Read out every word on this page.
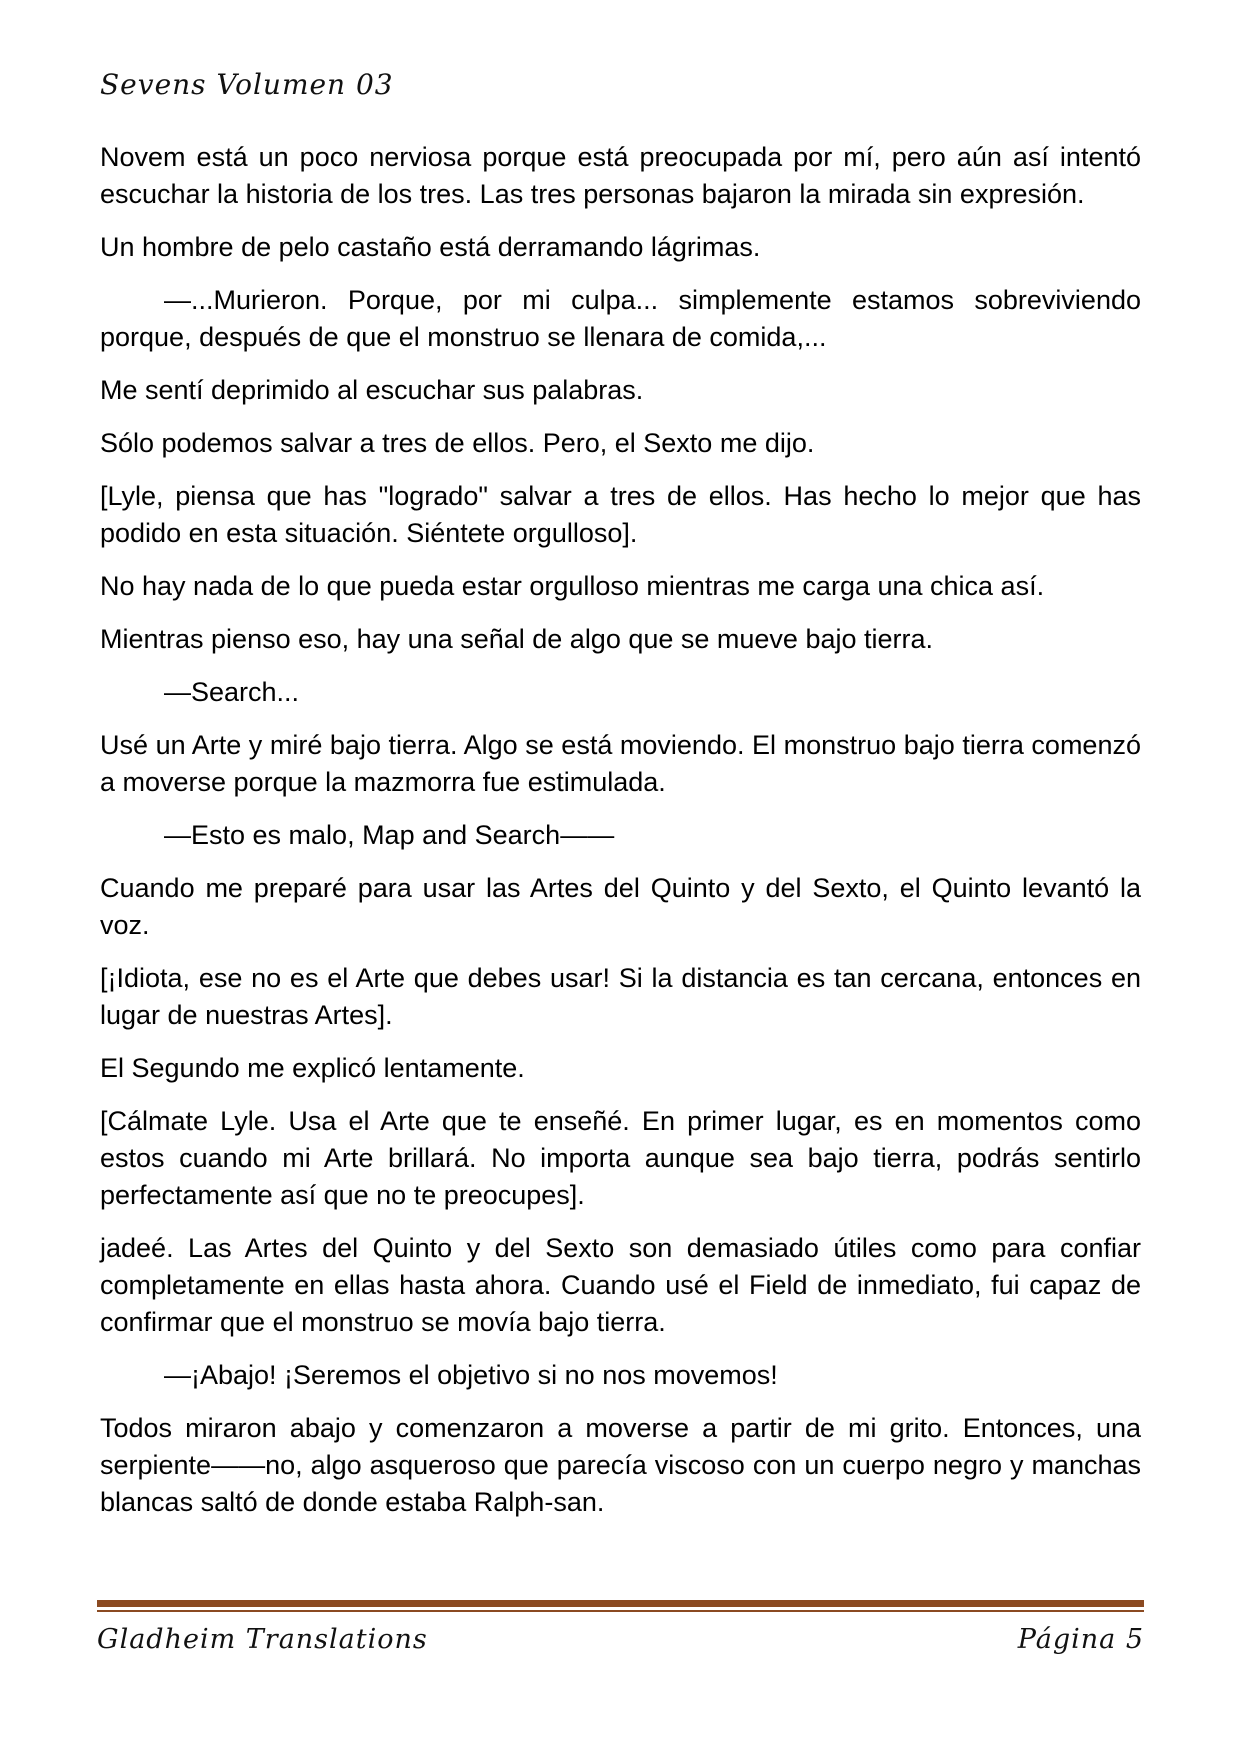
Sevens Volumen 03

Novem está un poco nerviosa porque está preocupada por mí, pero aún así intentó escuchar la historia de los tres. Las tres personas bajaron la mirada sin expresión.

Un hombre de pelo castaño está derramando lágrimas.

—...Murieron. Porque, por mi culpa... simplemente estamos sobreviviendo porque, después de que el monstruo se llenara de comida,...

Me sentí deprimido al escuchar sus palabras.

Sólo podemos salvar a tres de ellos. Pero, el Sexto me dijo.

[Lyle, piensa que has "logrado" salvar a tres de ellos. Has hecho lo mejor que has podido en esta situación. Siéntete orgulloso].

No hay nada de lo que pueda estar orgulloso mientras me carga una chica así.

Mientras pienso eso, hay una señal de algo que se mueve bajo tierra.

—Search...

Usé un Arte y miré bajo tierra. Algo se está moviendo. El monstruo bajo tierra comenzó a moverse porque la mazmorra fue estimulada.

—Esto es malo, Map and Search——

Cuando me preparé para usar las Artes del Quinto y del Sexto, el Quinto levantó la voz.

[¡Idiota, ese no es el Arte que debes usar! Si la distancia es tan cercana, entonces en lugar de nuestras Artes].

El Segundo me explicó lentamente.

[Cálmate Lyle. Usa el Arte que te enseñé. En primer lugar, es en momentos como estos cuando mi Arte brillará. No importa aunque sea bajo tierra, podrás sentirlo perfectamente así que no te preocupes].

jadeé. Las Artes del Quinto y del Sexto son demasiado útiles como para confiar completamente en ellas hasta ahora. Cuando usé el Field de inmediato, fui capaz de confirmar que el monstruo se movía bajo tierra.

—¡Abajo! ¡Seremos el objetivo si no nos movemos!

Todos miraron abajo y comenzaron a moverse a partir de mi grito. Entonces, una serpiente——no, algo asqueroso que parecía viscoso con un cuerpo negro y manchas blancas saltó de donde estaba Ralph-san.

Gladheim Translations	Página 5
